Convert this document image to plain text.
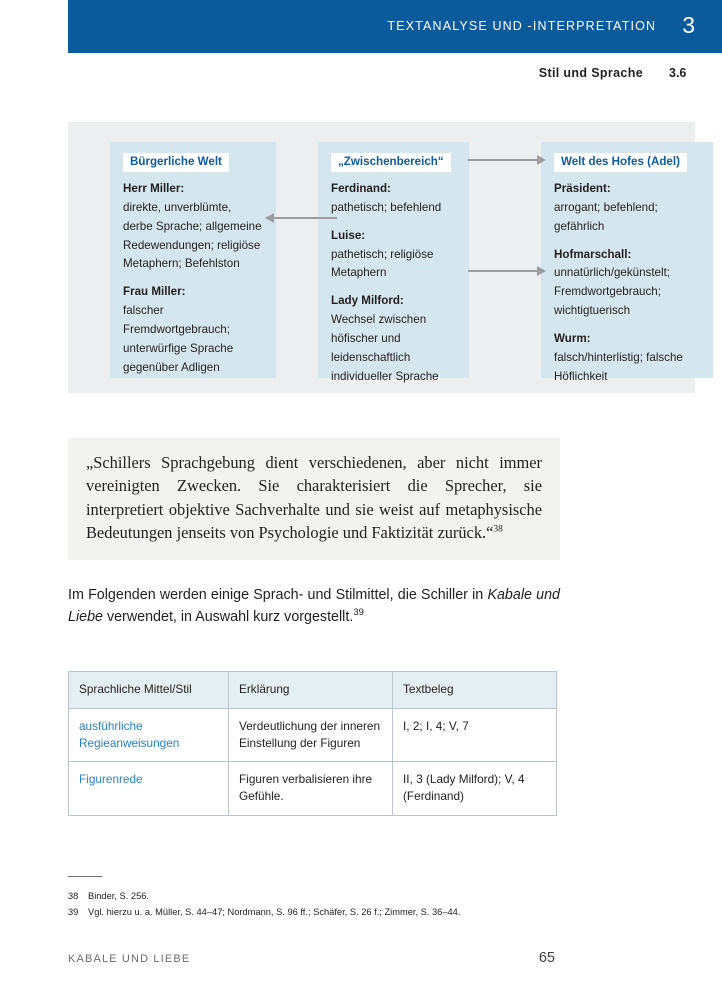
TEXTANALYSE UND -INTERPRETATION 3
Stil und Sprache 3.6
Bürgerliche Welt
Herr Miller:
direkte, unverblümte, derbe Sprache; allgemeine Redewendungen; religiöse Metaphern; Befehlston
Frau Miller:
falscher Fremdwortgebrauch; unterwürfige Sprache gegenüber Adligen
„Zwischenbereich“
Ferdinand:
pathetisch; befehlend
Luise:
pathetisch; religiöse Metaphern
Lady Milford:
Wechsel zwischen höfischer und leidenschaftlich individueller Sprache
Welt des Hofes (Adel)
Präsident:
arrogant; befehlend; gefährlich
Hofmarschall:
unnatürlich/gekünstelt; Fremdwortgebrauch; wichtigtuerisch
Wurm:
falsch/hinterlistig; falsche Höflichkeit

„Schillers Sprachgebung dient verschiedenen, aber nicht immer vereinigten Zwecken. Sie charakterisiert die Sprecher, sie interpretiert objektive Sachverhalte und sie weist auf metaphysische Bedeutungen jenseits von Psychologie und Faktizität zurück.“$^{38}$

Im Folgenden werden einige Sprach- und Stilmittel, die Schiller in Kabale und Liebe verwendet, in Auswahl kurz vorgestellt.$^{39}$

Sprachliche Mittel/Stil	Erklärung	Textbeleg
ausführliche Regieanweisungen	Verdeutlichung der inneren Einstellung der Figuren	I, 2; I, 4; V, 7
Figurenrede	Figuren verbalisieren ihre Gefühle.	II, 3 (Lady Milford); V, 4 (Ferdinand)
38	Binder, S. 256.
39	Vgl. hierzu u. a. Müller, S. 44–47; Nordmann, S. 96 ff.; Schäfer, S. 26 f.; Zimmer, S. 36–44.
KABALE UND LIEBE	65
